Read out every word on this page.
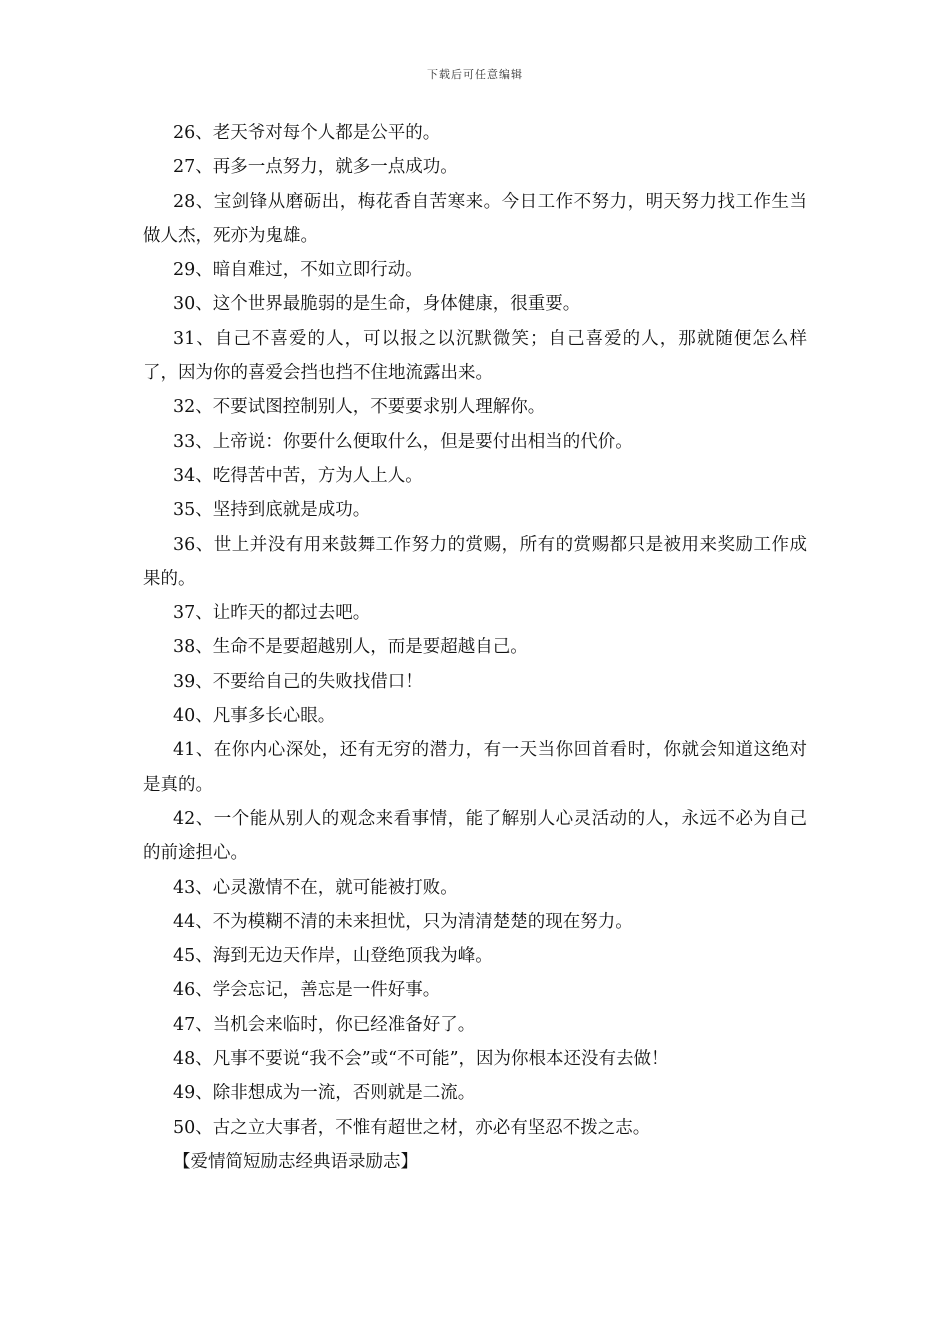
下载后可任意编辑

26、老天爷对每个人都是公平的。

27、再多一点努力，就多一点成功。

28、宝剑锋从磨砺出，梅花香自苦寒来。今日工作不努力，明天努力找工作生当做人杰，死亦为鬼雄。

29、暗自难过，不如立即行动。

30、这个世界最脆弱的是生命，身体健康，很重要。

31、自己不喜爱的人，可以报之以沉默微笑；自己喜爱的人，那就随便怎么样了，因为你的喜爱会挡也挡不住地流露出来。

32、不要试图控制别人，不要要求别人理解你。

33、上帝说：你要什么便取什么，但是要付出相当的代价。

34、吃得苦中苦，方为人上人。

35、坚持到底就是成功。

36、世上并没有用来鼓舞工作努力的赏赐，所有的赏赐都只是被用来奖励工作成果的。

37、让昨天的都过去吧。

38、生命不是要超越别人，而是要超越自己。

39、不要给自己的失败找借口！

40、凡事多长心眼。

41、在你内心深处，还有无穷的潜力，有一天当你回首看时，你就会知道这绝对是真的。

42、一个能从别人的观念来看事情，能了解别人心灵活动的人，永远不必为自己的前途担心。

43、心灵激情不在，就可能被打败。

44、不为模糊不清的未来担忧，只为清清楚楚的现在努力。

45、海到无边天作岸，山登绝顶我为峰。

46、学会忘记，善忘是一件好事。

47、当机会来临时，你已经准备好了。

48、凡事不要说“我不会”或“不可能”，因为你根本还没有去做！

49、除非想成为一流，否则就是二流。

50、古之立大事者，不惟有超世之材，亦必有坚忍不拨之志。

【爱情简短励志经典语录励志】
